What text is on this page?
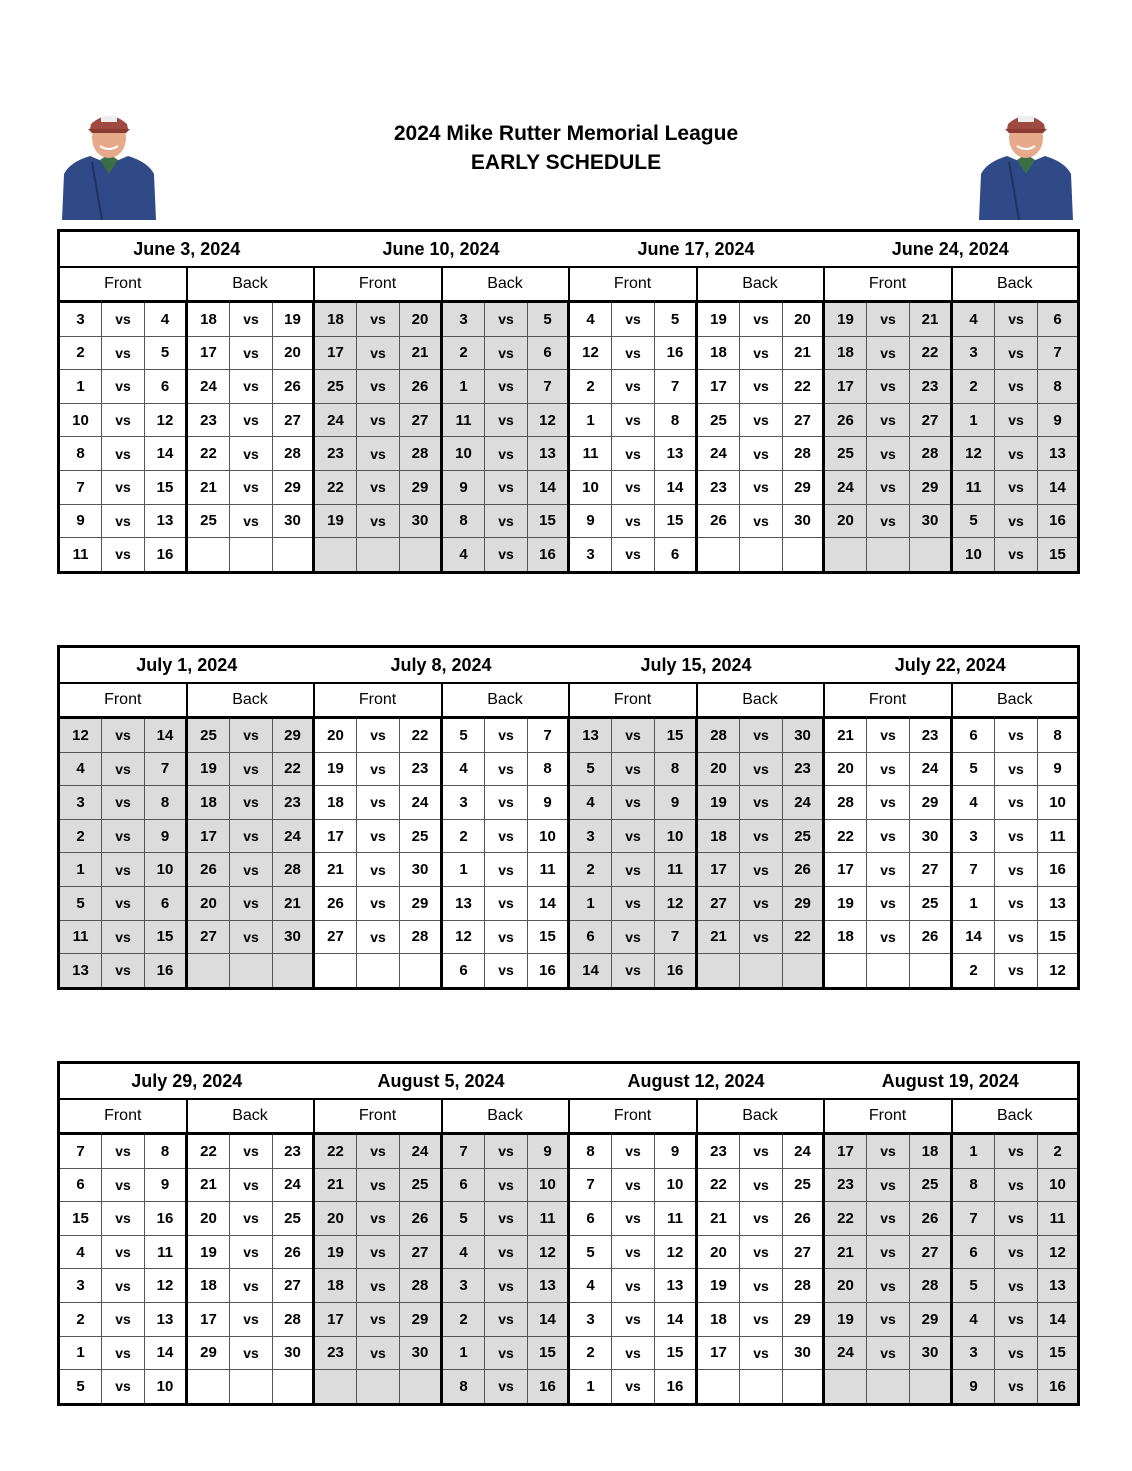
2024 Mike Rutter Memorial League
EARLY SCHEDULE
June 3, 2024						June 10, 2024						June 17, 2024						June 24, 2024					
Front			Back			Front			Back			Front			Back			Front			Back		
3	vs	4	18	vs	19	18	vs	20	3	vs	5	4	vs	5	19	vs	20	19	vs	21	4	vs	6
2	vs	5	17	vs	20	17	vs	21	2	vs	6	12	vs	16	18	vs	21	18	vs	22	3	vs	7
1	vs	6	24	vs	26	25	vs	26	1	vs	7	2	vs	7	17	vs	22	17	vs	23	2	vs	8
10	vs	12	23	vs	27	24	vs	27	11	vs	12	1	vs	8	25	vs	27	26	vs	27	1	vs	9
8	vs	14	22	vs	28	23	vs	28	10	vs	13	11	vs	13	24	vs	28	25	vs	28	12	vs	13
7	vs	15	21	vs	29	22	vs	29	9	vs	14	10	vs	14	23	vs	29	24	vs	29	11	vs	14
9	vs	13	25	vs	30	19	vs	30	8	vs	15	9	vs	15	26	vs	30	20	vs	30	5	vs	16
11	vs	16							4	vs	16	3	vs	6							10	vs	15
July 1, 2024						July 8, 2024						July 15, 2024						July 22, 2024					
Front			Back			Front			Back			Front			Back			Front			Back		
12	vs	14	25	vs	29	20	vs	22	5	vs	7	13	vs	15	28	vs	30	21	vs	23	6	vs	8
4	vs	7	19	vs	22	19	vs	23	4	vs	8	5	vs	8	20	vs	23	20	vs	24	5	vs	9
3	vs	8	18	vs	23	18	vs	24	3	vs	9	4	vs	9	19	vs	24	28	vs	29	4	vs	10
2	vs	9	17	vs	24	17	vs	25	2	vs	10	3	vs	10	18	vs	25	22	vs	30	3	vs	11
1	vs	10	26	vs	28	21	vs	30	1	vs	11	2	vs	11	17	vs	26	17	vs	27	7	vs	16
5	vs	6	20	vs	21	26	vs	29	13	vs	14	1	vs	12	27	vs	29	19	vs	25	1	vs	13
11	vs	15	27	vs	30	27	vs	28	12	vs	15	6	vs	7	21	vs	22	18	vs	26	14	vs	15
13	vs	16							6	vs	16	14	vs	16							2	vs	12
July 29, 2024						August 5, 2024						August 12, 2024						August 19, 2024					
Front			Back			Front			Back			Front			Back			Front			Back		
7	vs	8	22	vs	23	22	vs	24	7	vs	9	8	vs	9	23	vs	24	17	vs	18	1	vs	2
6	vs	9	21	vs	24	21	vs	25	6	vs	10	7	vs	10	22	vs	25	23	vs	25	8	vs	10
15	vs	16	20	vs	25	20	vs	26	5	vs	11	6	vs	11	21	vs	26	22	vs	26	7	vs	11
4	vs	11	19	vs	26	19	vs	27	4	vs	12	5	vs	12	20	vs	27	21	vs	27	6	vs	12
3	vs	12	18	vs	27	18	vs	28	3	vs	13	4	vs	13	19	vs	28	20	vs	28	5	vs	13
2	vs	13	17	vs	28	17	vs	29	2	vs	14	3	vs	14	18	vs	29	19	vs	29	4	vs	14
1	vs	14	29	vs	30	23	vs	30	1	vs	15	2	vs	15	17	vs	30	24	vs	30	3	vs	15
5	vs	10							8	vs	16	1	vs	16							9	vs	16
